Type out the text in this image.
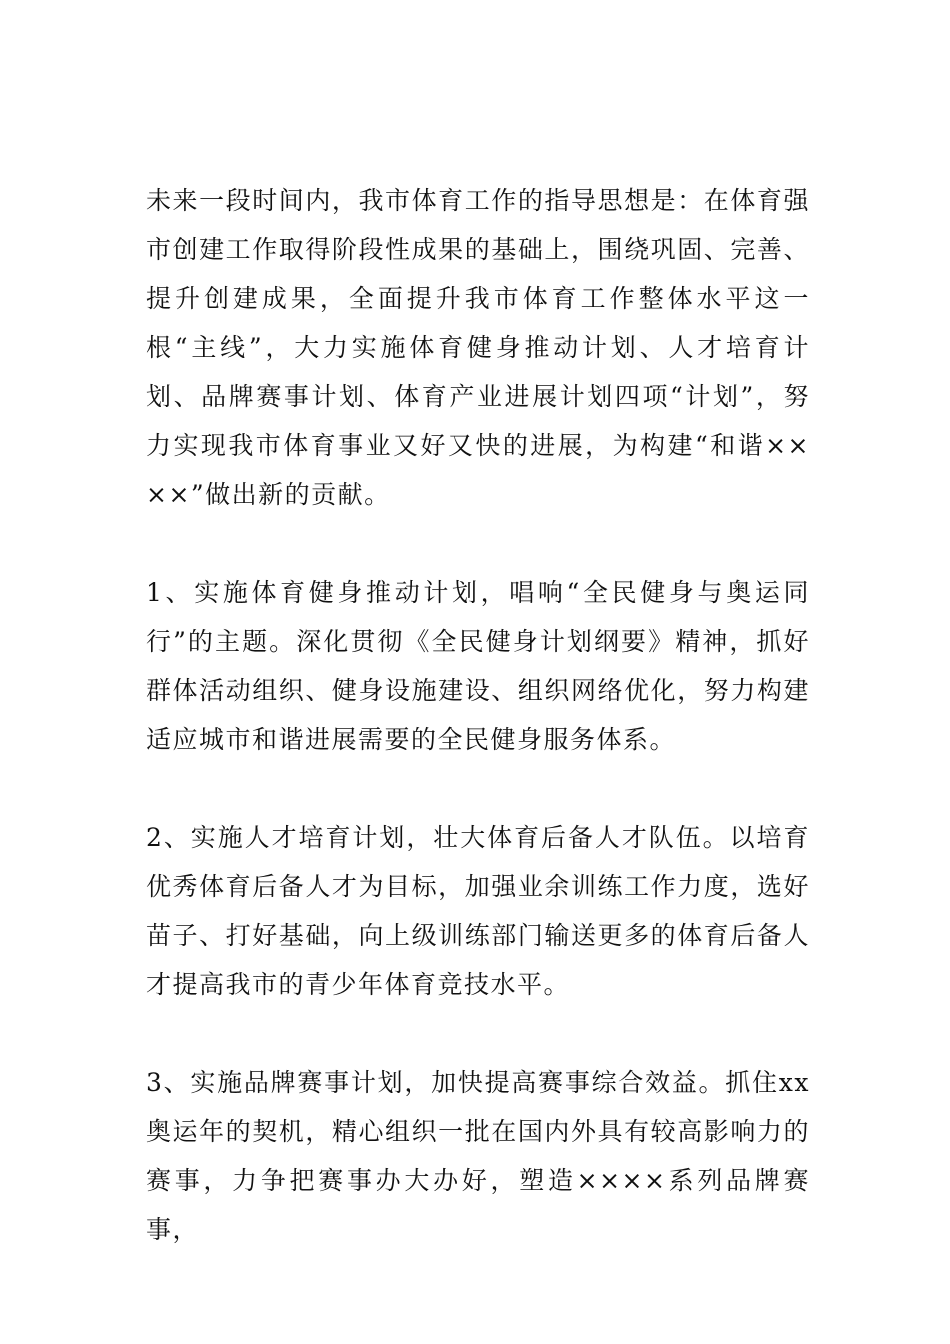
未来一段时间内，我市体育工作的指导思想是：在体育强市创建工作取得阶段性成果的基础上，围绕巩固、完善、提升创建成果，全面提升我市体育工作整体水平这一根“主线”，大力实施体育健身推动计划、人才培育计划、品牌赛事计划、体育产业进展计划四项“计划”，努力实现我市体育事业又好又快的进展，为构建“和谐××××”做出新的贡献。

1、实施体育健身推动计划，唱响“全民健身与奥运同行”的主题。深化贯彻《全民健身计划纲要》精神，抓好群体活动组织、健身设施建设、组织网络优化，努力构建适应城市和谐进展需要的全民健身服务体系。

2、实施人才培育计划，壮大体育后备人才队伍。以培育优秀体育后备人才为目标，加强业余训练工作力度，选好苗子、打好基础，向上级训练部门输送更多的体育后备人才提高我市的青少年体育竞技水平。

3、实施品牌赛事计划，加快提高赛事综合效益。抓住xx奥运年的契机，精心组织一批在国内外具有较高影响力的赛事，力争把赛事办大办好，塑造××××系列品牌赛事，
